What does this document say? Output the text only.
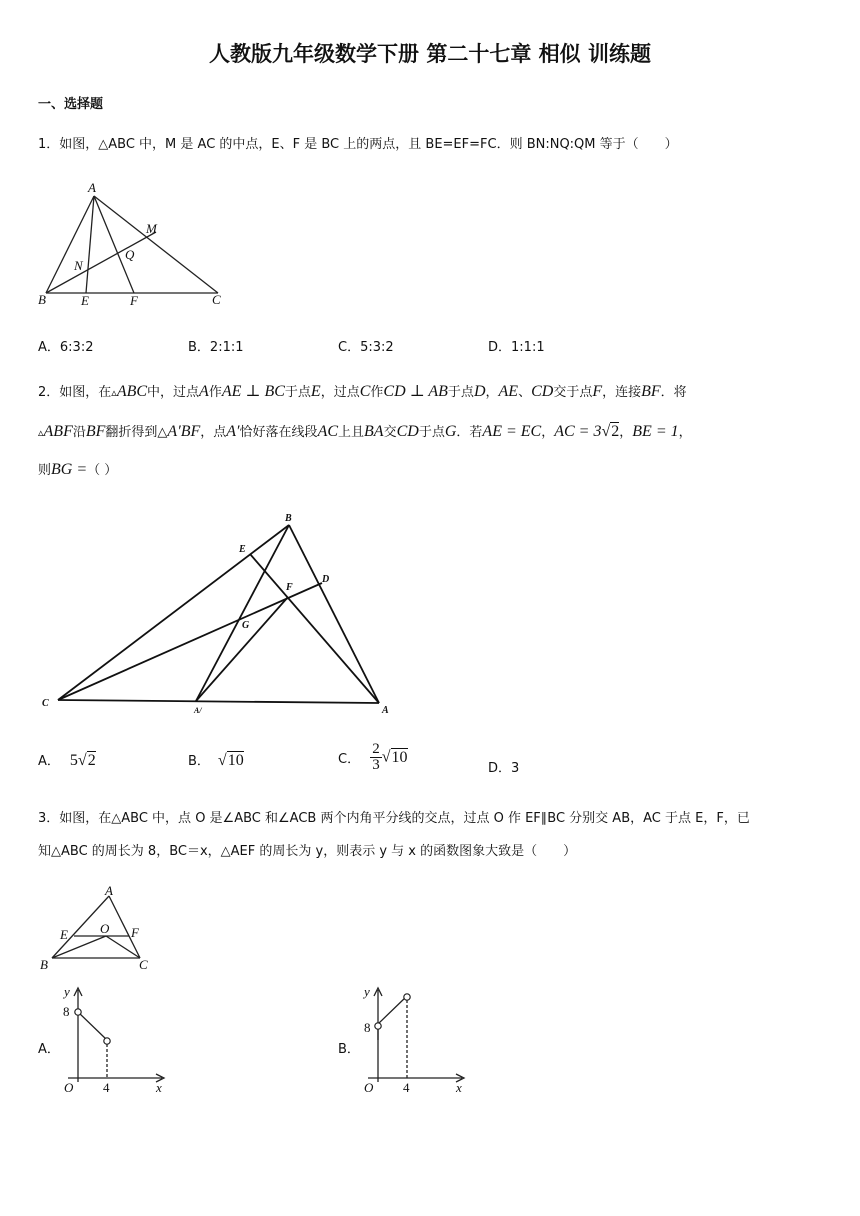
人教版九年级数学下册 第二十七章 相似 训练题
一、选择题
1．如图，△ABC 中，M 是 AC 的中点，E、F 是 BC 上的两点，且 BE=EF=FC．则 BN:NQ:QM 等于（　　）
A
B	C
M
N
Q
E	F
A．6:3:2	B．2:1:1	C．5:3:2	D．1:1:1
2．如图，在▵ABC中，过点A作AE ⊥ BC于点E，过点C作CD ⊥ AB于点D，AE、CD交于点F，连接BF．将
▵ABF沿BF翻折得到△A′BF，点A′恰好落在线段AC上且BA交CD于点G．若AE = EC，AC = 3√2，BE = 1，
则BG =（ ）
B
E
D
F
G
C
A/	A
A． 5√2	B． √10	C． $\frac{2}{3} √10$
D．3
3．如图，在△ABC 中，点 O 是∠ABC 和∠ACB 两个内角平分线的交点，过点 O 作 EF∥BC 分别交 AB，AC 于点 E，F，已
知△ABC 的周长为 8，BC＝x，△AEF 的周长为 y，则表示 y 与 x 的函数图象大致是（　　）
A
E O F
B	C
A．
y
x
O
8
4
B．
y
x
O
8
4
